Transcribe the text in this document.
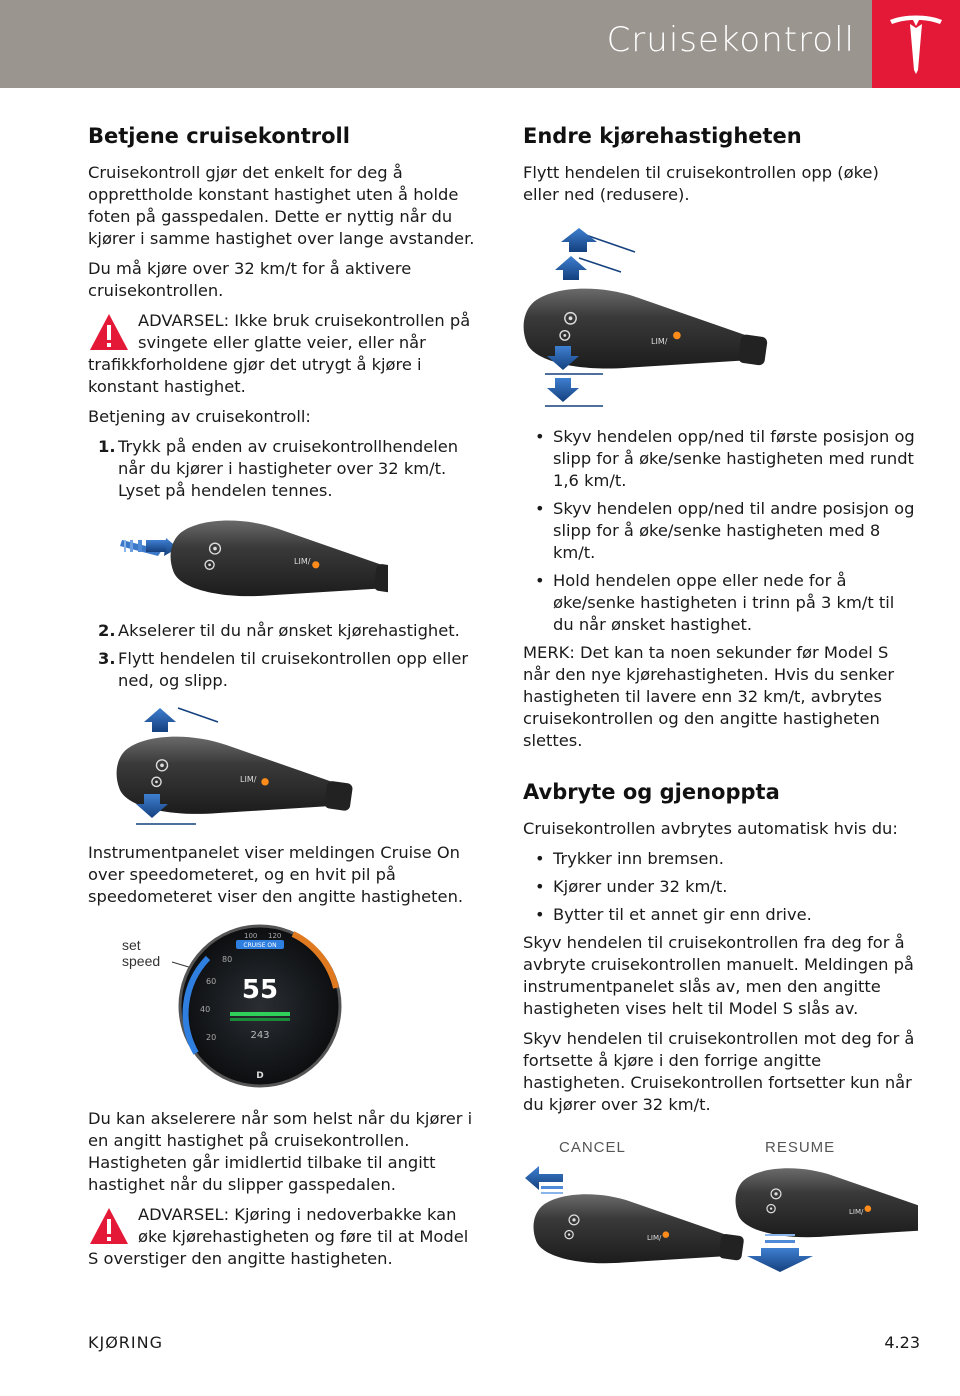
Cruisekontroll
Betjene cruisekontroll

Cruisekontroll gjør det enkelt for deg å opprettholde konstant hastighet uten å holde foten på gasspedalen. Dette er nyttig når du kjører i samme hastighet over lange avstander.

Du må kjøre over 32 km/t for å aktivere cruisekontrollen.

ADVARSEL: Ikke bruk cruisekontrollen på svingete eller glatte veier, eller når trafikkforholdene gjør det utrygt å kjøre i konstant hastighet.

Betjening av cruisekontroll:

1. Trykk på enden av cruisekontrollhendelen når du kjører i hastigheter over 32 km/t. Lyset på hendelen tennes.
LIM/
2. Akselerer til du når ønsket kjørehastighet.
3. Flytt hendelen til cruisekontrollen opp eller ned, og slipp.
LIM/

Instrumentpanelet viser meldingen Cruise On over speedometeret, og en hvit pil på speedometeret viser den angitte hastigheten.

set
speed
CRUISE ON
20
40
60
80
100 120
55
243
D

Du kan akselerere når som helst når du kjører i en angitt hastighet på cruisekontrollen. Hastigheten går imidlertid tilbake til angitt hastighet når du slipper gasspedalen.

ADVARSEL: Kjøring i nedoverbakke kan øke kjørehastigheten og føre til at Model S overstiger den angitte hastigheten.
Endre kjørehastigheten

Flytt hendelen til cruisekontrollen opp (øke) eller ned (redusere).

LIM/
• Skyv hendelen opp/ned til første posisjon og slipp for å øke/senke hastigheten med rundt 1,6 km/t.
• Skyv hendelen opp/ned til andre posisjon og slipp for å øke/senke hastigheten med 8 km/t.
• Hold hendelen oppe eller nede for å øke/senke hastigheten i trinn på 3 km/t til du når ønsket hastighet.

MERK: Det kan ta noen sekunder før Model S når den nye kjørehastigheten. Hvis du senker hastigheten til lavere enn 32 km/t, avbrytes cruisekontrollen og den angitte hastigheten slettes.

Avbryte og gjenoppta

Cruisekontrollen avbrytes automatisk hvis du:

• Trykker inn bremsen.
• Kjører under 32 km/t.
• Bytter til et annet gir enn drive.

Skyv hendelen til cruisekontrollen fra deg for å avbryte cruisekontrollen manuelt. Meldingen på instrumentpanelet slås av, men den angitte hastigheten vises helt til Model S slås av.

Skyv hendelen til cruisekontrollen mot deg for å fortsette å kjøre i den forrige angitte hastigheten. Cruisekontrollen fortsetter kun når du kjører over 32 km/t.

CANCEL	RESUME
LIM/
LIM/
KJØRING	4.23
